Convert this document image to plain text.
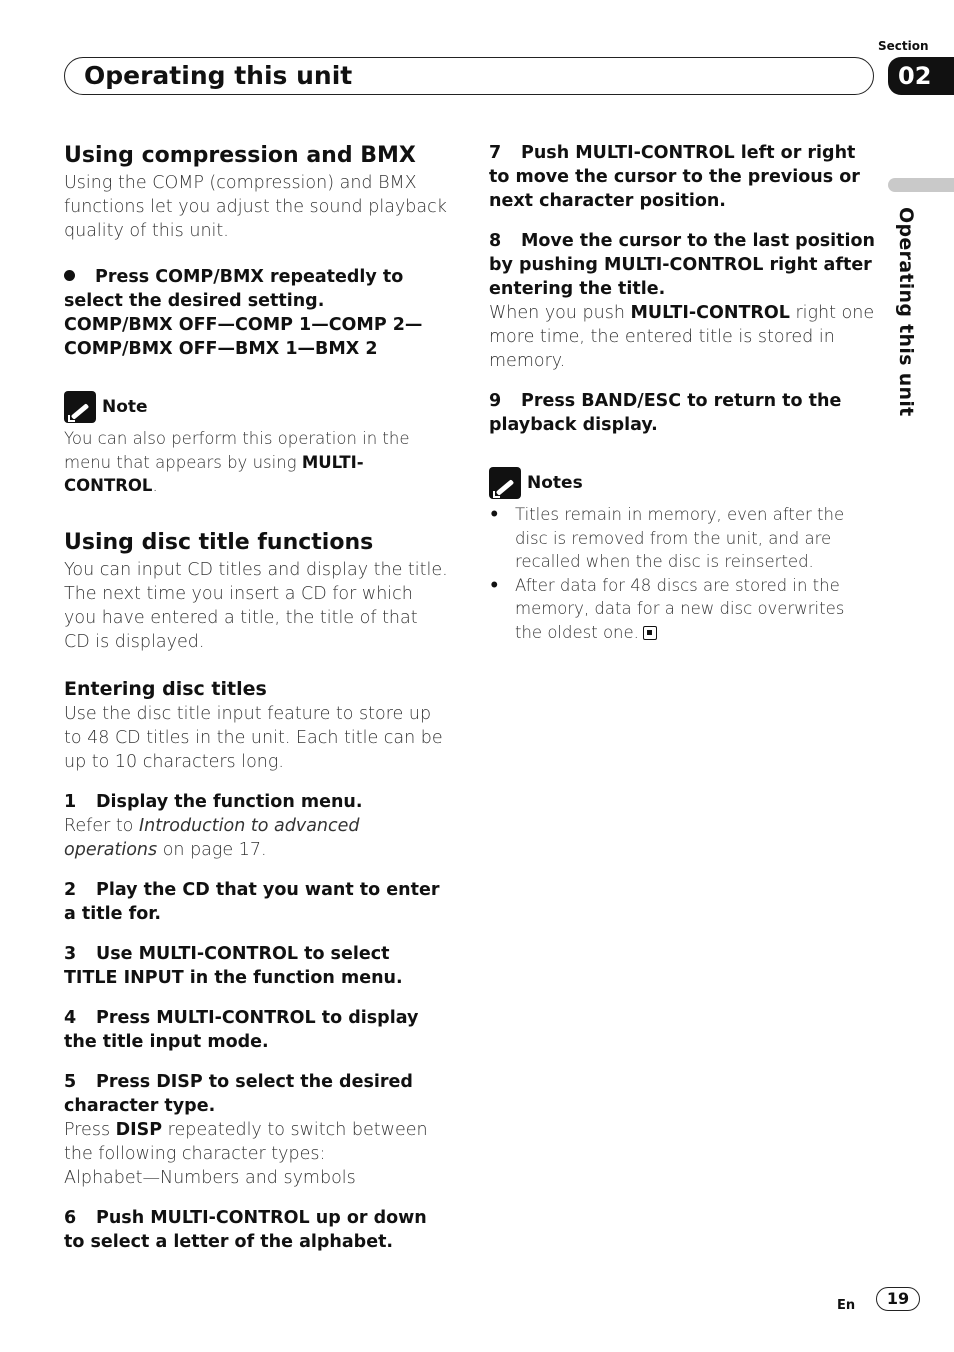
Operating this unit
Section
02
Operating this unit
Using compression and BMX

Using the COMP (compression) and BMX functions let you adjust the sound playback quality of this unit.

Press COMP/BMX repeatedly to select the desired setting.

COMP/BMX OFF—COMP 1—COMP 2—

COMP/BMX OFF—BMX 1—BMX 2

Note

You can also perform this operation in the menu that appears by using MULTI-CONTROL.

Using disc title functions

You can input CD titles and display the title. The next time you insert a CD for which you have entered a title, the title of that CD is displayed.

Entering disc titles

Use the disc title input feature to store up to 48 CD titles in the unit. Each title can be up to 10 characters long.

1 Display the function menu.

Refer to Introduction to advanced operations on page 17.

2 Play the CD that you want to enter a title for.

3 Use MULTI-CONTROL to select

TITLE INPUT in the function menu.

4 Press MULTI-CONTROL to display the title input mode.

5 Press DISP to select the desired character type.

Press DISP repeatedly to switch between the following character types:

Alphabet—Numbers and symbols

6 Push MULTI-CONTROL up or down to select a letter of the alphabet.

7 Push MULTI-CONTROL left or right to move the cursor to the previous or next character position.

8 Move the cursor to the last position by pushing MULTI-CONTROL right after entering the title.

When you push MULTI-CONTROL right one more time, the entered title is stored in memory.

9 Press BAND/ESC to return to the playback display.

Notes
• Titles remain in memory, even after the disc is removed from the unit, and are recalled when the disc is reinserted.
• After data for 48 discs are stored in the memory, data for a new disc overwrites the oldest one.
En	19
